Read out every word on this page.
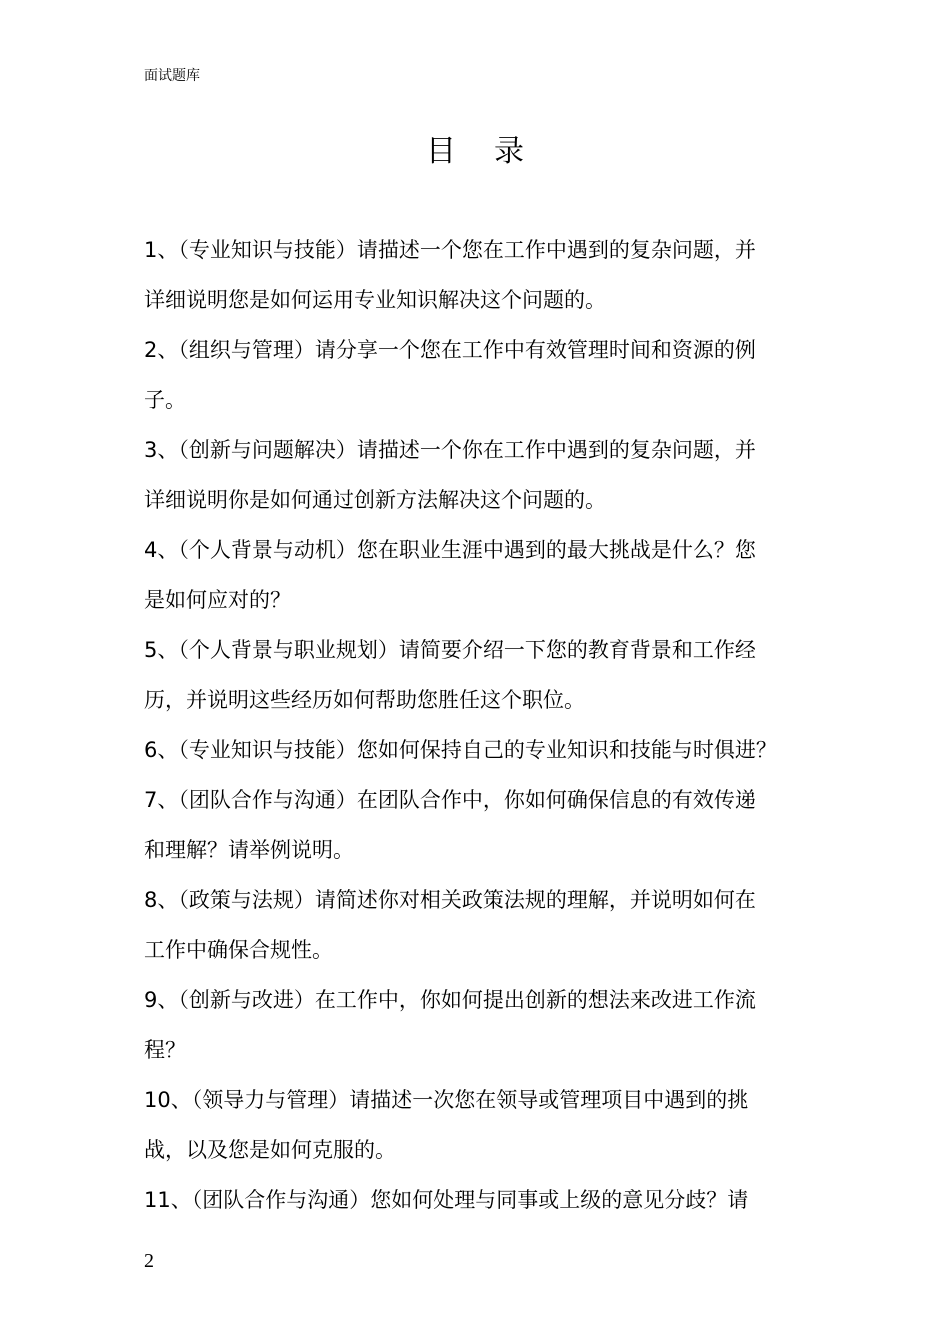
面试题库
目录
1、（专业知识与技能）请描述一个您在工作中遇到的复杂问题，并
详细说明您是如何运用专业知识解决这个问题的。
2、（组织与管理）请分享一个您在工作中有效管理时间和资源的例
子。
3、（创新与问题解决）请描述一个你在工作中遇到的复杂问题，并
详细说明你是如何通过创新方法解决这个问题的。
4、（个人背景与动机）您在职业生涯中遇到的最大挑战是什么？您
是如何应对的？
5、（个人背景与职业规划）请简要介绍一下您的教育背景和工作经
历，并说明这些经历如何帮助您胜任这个职位。
6、（专业知识与技能）您如何保持自己的专业知识和技能与时俱进？
7、（团队合作与沟通）在团队合作中，你如何确保信息的有效传递
和理解？请举例说明。
8、（政策与法规）请简述你对相关政策法规的理解，并说明如何在
工作中确保合规性。
9、（创新与改进）在工作中，你如何提出创新的想法来改进工作流
程？
10、（领导力与管理）请描述一次您在领导或管理项目中遇到的挑
战，以及您是如何克服的。
11、（团队合作与沟通）您如何处理与同事或上级的意见分歧？请
2
